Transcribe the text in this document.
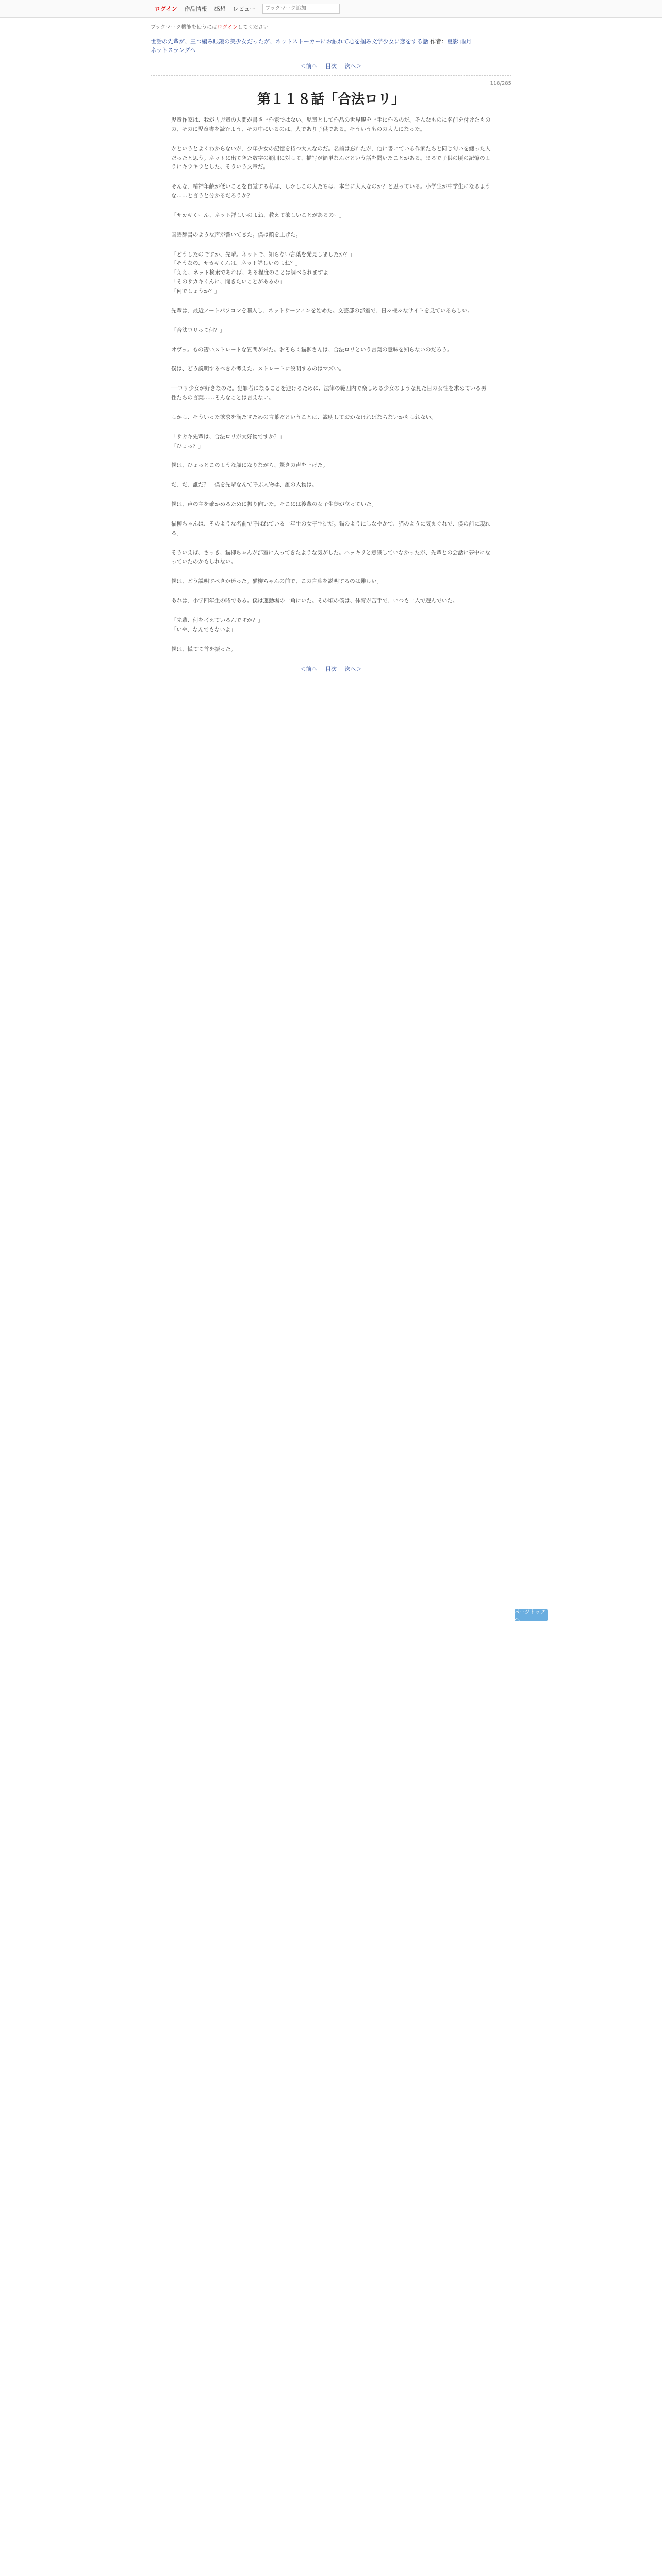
ログイン 作品情報 感想 レビュー
ブックマーク追加
ブックマーク機能を使うにはログインしてください。
世話の先輩が、三つ編み眼鏡の美少女だったが、ネットストーカーにお触れて心を掴み文学少女に恋をする話 作者：夏影 雨月
ネットスラングへ
＜前へ 目次 次へ＞
118/285
第１１８話「合法ロリ」

児童作家は、我が古児童の人間が書き上作家ではない。児童として作品の世界観を上手に作るのだ。そんなものに名前を付けたものの、そのに児童書を読むよう、その中にいるのは、人であり子供である。そういうものの大人になった。

かというとよくわからないが、少年少女の記憶を持つ大人なのだ。名前は忘れたが、他に書いている作家たちと同じ匂いを纏った人だったと思う。ネットに出てきた数字の範囲に対して、描写が簡単なんだという話を聞いたことがある。まるで子供の頃の記憶のようにキラキラとした、そういう文章だ。

そんな、精神年齢が低いことを自覚する私は、しかしこの人たちは、本当に大人なのか？と思っている。小学生が中学生になるような……と言うと分かるだろうか？

「サカキくーん、ネット詳しいのよね、教えて欲しいことがあるのー」

国語辞書のような声が響いてきた。僕は顔を上げた。

「どうしたのですか、先輩。ネットで、知らない言葉を発見しましたか？」
「そうなの、サカキくんは、ネット詳しいのよね？」
「ええ、ネット検索であれば、ある程度のことは調べられますよ」
「そのサカキくんに、聞きたいことがあるの」
「何でしょうか？」

先輩は、最近ノートパソコンを購入し、ネットサーフィンを始めた。文芸部の部室で、日々様々なサイトを見ているらしい。

「合法ロリって何？」

オヴッ。もの凄いストレートな質問が来た。おそらく猫柳さんは、合法ロリという言葉の意味を知らないのだろう。

僕は、どう説明するべきか考えた。ストレートに説明するのはマズい。

──ロリ少女が好きなのだ。犯罪者になることを避けるために、法律の範囲内で楽しめる少女のような見た目の女性を求めている男性たちの言葉……そんなことは言えない。

しかし、そういった欲求を満たすための言葉だということは、説明しておかなければならないかもしれない。

「サカキ先輩は、合法ロリが大好物ですか？」
「ひょっ？」

僕は、ひょっとこのような顔になりながら、驚きの声を上げた。

だ、だ、誰だ？　僕を先輩なんて呼ぶ人物は、誰の人物は。

僕は、声の主を確かめるために振り向いた。そこには後輩の女子生徒が立っていた。

猫柳ちゃんは、そのような名前で呼ばれている一年生の女子生徒だ。猫のようにしなやかで、猫のように気まぐれで、僕の前に現れる。

そういえば、さっき、猫柳ちゃんが部室に入ってきたような気がした。ハッキリと意識していなかったが、先輩との会話に夢中になっていたのかもしれない。

僕は、どう説明すべきか迷った。猫柳ちゃんの前で、この言葉を説明するのは難しい。

あれは、小学四年生の時である。僕は運動場の一角にいた。その頃の僕は、体育が苦手で、いつも一人で遊んでいた。

「先輩、何を考えているんですか？」
「いや、なんでもないよ」

僕は、慌てて首を振った。

ページトップへ
＜前へ 目次 次へ＞
